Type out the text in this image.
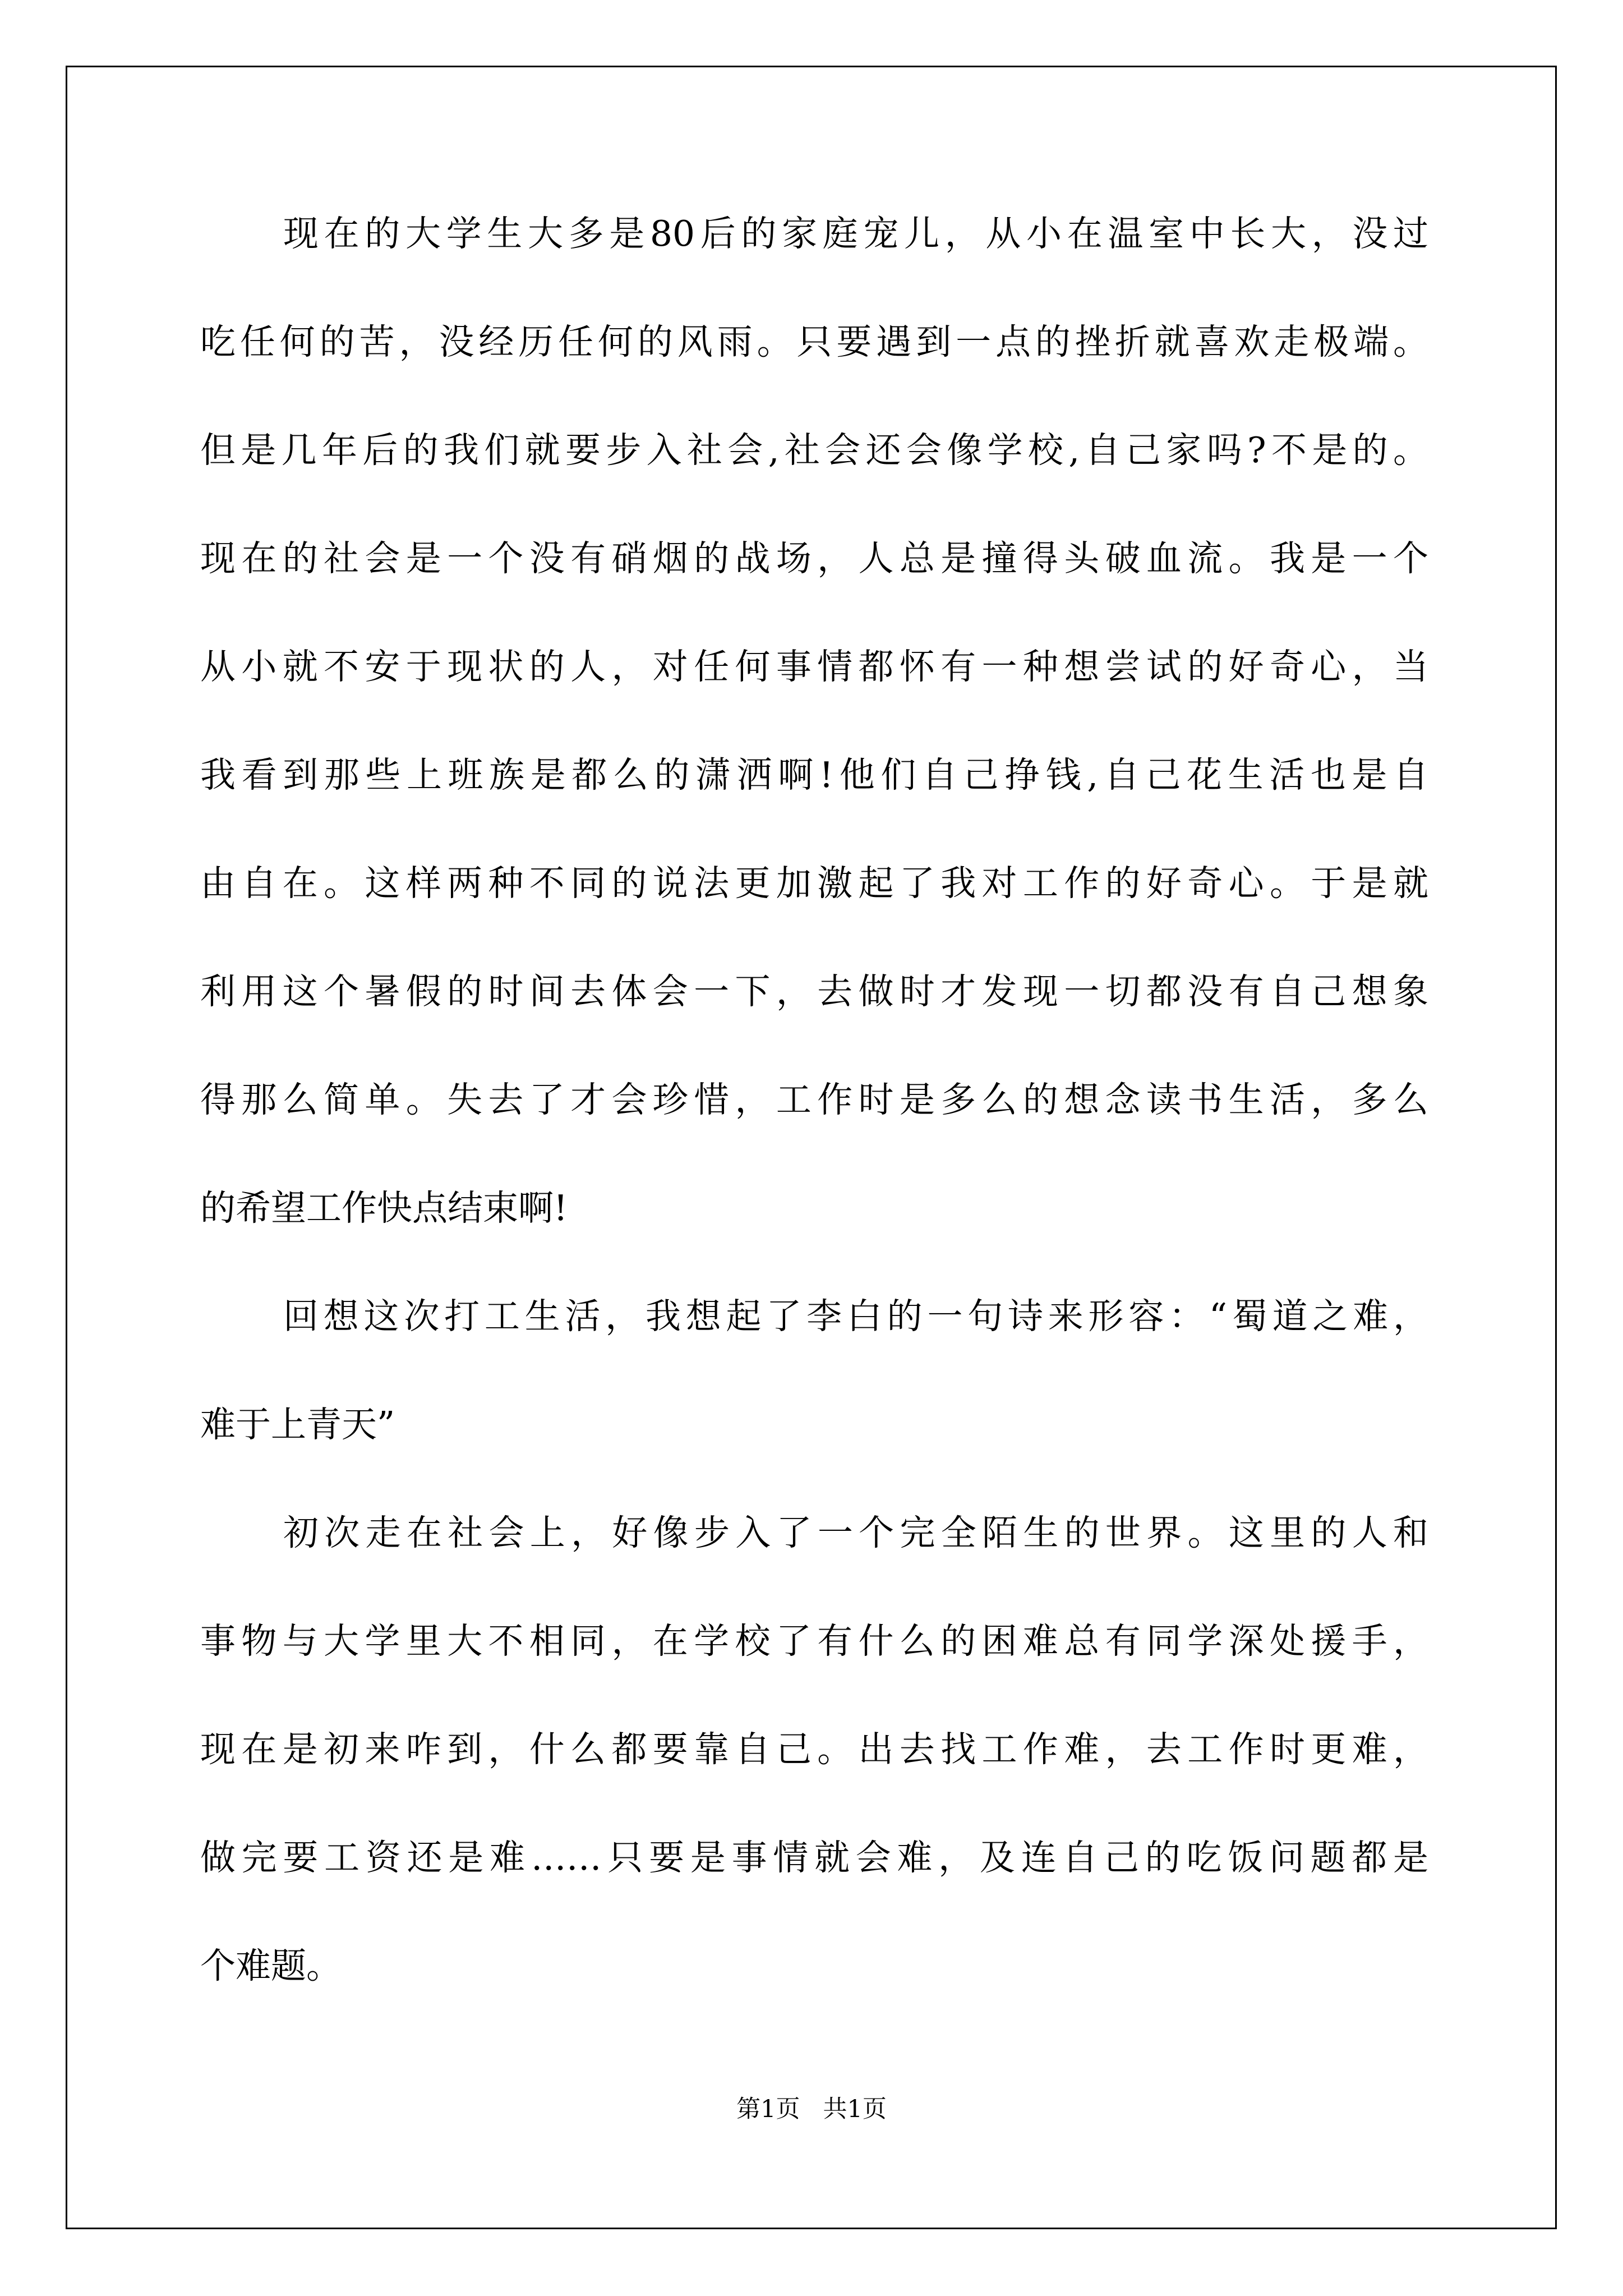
现在的大学生大多是80后的家庭宠儿，从小在温室中长大，没过
吃任何的苦，没经历任何的风雨。只要遇到一点的挫折就喜欢走极端。
但是几年后的我们就要步入社会,社会还会像学校,自己家吗?不是的。
现在的社会是一个没有硝烟的战场，人总是撞得头破血流。我是一个
从小就不安于现状的人，对任何事情都怀有一种想尝试的好奇心，当
我看到那些上班族是都么的潇洒啊!他们自己挣钱,自己花生活也是自
由自在。这样两种不同的说法更加激起了我对工作的好奇心。于是就
利用这个暑假的时间去体会一下，去做时才发现一切都没有自己想象
得那么简单。失去了才会珍惜，工作时是多么的想念读书生活，多么
的希望工作快点结束啊!
回想这次打工生活，我想起了李白的一句诗来形容：“蜀道之难，
难于上青天”
初次走在社会上，好像步入了一个完全陌生的世界。这里的人和
事物与大学里大不相同，在学校了有什么的困难总有同学深处援手，
现在是初来咋到，什么都要靠自己。出去找工作难，去工作时更难，
做完要工资还是难……只要是事情就会难，及连自己的吃饭问题都是
个难题。
第1页   共1页
